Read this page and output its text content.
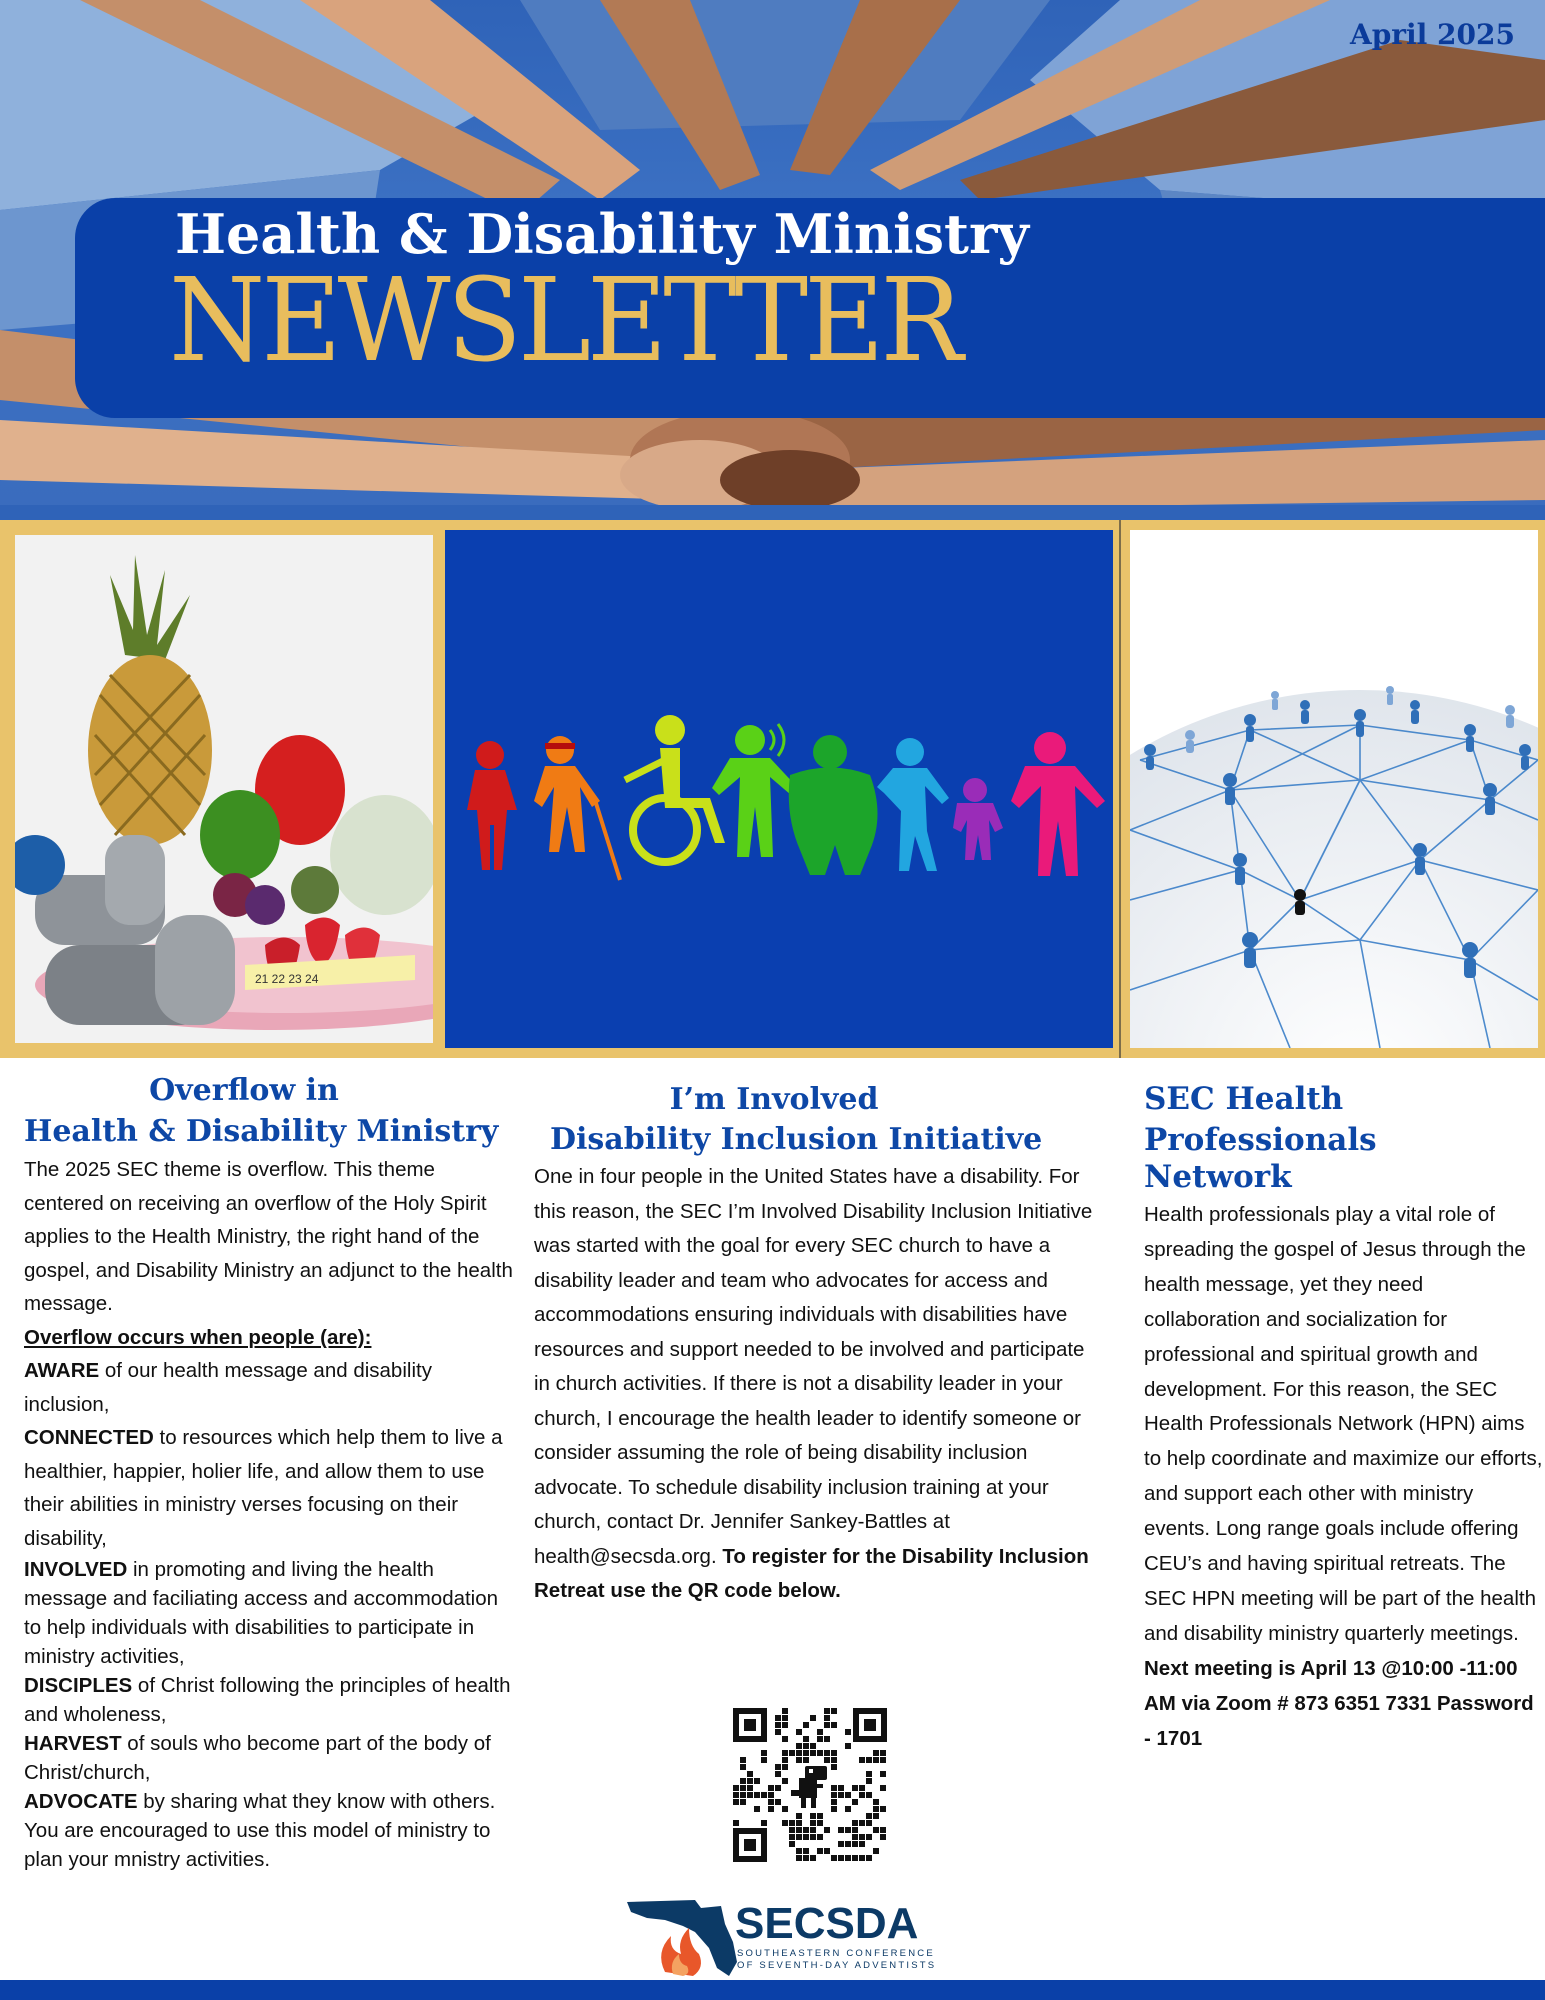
April 2025
Health & Disability Ministry
NEWSLETTER
21 22 23 24
Overflow in
Health & Disability Ministry
The 2025 SEC theme is overflow. This theme centered on receiving an overflow of the Holy Spirit applies to the Health Ministry, the right hand of the gospel, and Disability Ministry an adjunct to the health message.
Overflow occurs when people (are):
AWARE of our health message and disability inclusion,
CONNECTED to resources which help them to live a healthier, happier, holier life, and allow them to use their abilities in ministry verses focusing on their disability,
INVOLVED in promoting and living the health message and faciliating access and accommodation to help individuals with disabilities to participate in ministry activities,
DISCIPLES of Christ following the principles of health and wholeness,
HARVEST of souls who become part of the body of Christ/church,
ADVOCATE by sharing what they know with others. You are encouraged to use this model of ministry to plan your mnistry activities.
I’m Involved
Disability Inclusion Initiative
One in four people in the United States have a disability. For this reason, the SEC I’m Involved Disability Inclusion Initiative was started with the goal for every SEC church to have a disability leader and team who advocates for access and accommodations ensuring individuals with disabilities have resources and support needed to be involved and participate in church activities. If there is not a disability leader in your church, I encourage the health leader to identify someone or consider assuming the role of being disability inclusion advocate. To schedule disability inclusion training at your church, contact Dr. Jennifer Sankey-Battles at health@secsda.org. To register for the Disability Inclusion Retreat use the QR code below.
SEC Health Professionals
Network
Health professionals play a vital role of spreading the gospel of Jesus through the health message, yet they need collaboration and socialization for professional and spiritual growth and development. For this reason, the SEC Health Professionals Network (HPN) aims to help coordinate and maximize our efforts, and support each other with ministry events. Long range goals include offering CEU’s and having spiritual retreats. The SEC HPN meeting will be part of the health and disability ministry quarterly meetings. Next meeting is April 13 @10:00 -11:00 AM via Zoom # 873 6351 7331 Password - 1701
SECSDA
SOUTHEASTERN CONFERENCE
OF SEVENTH-DAY ADVENTISTS
